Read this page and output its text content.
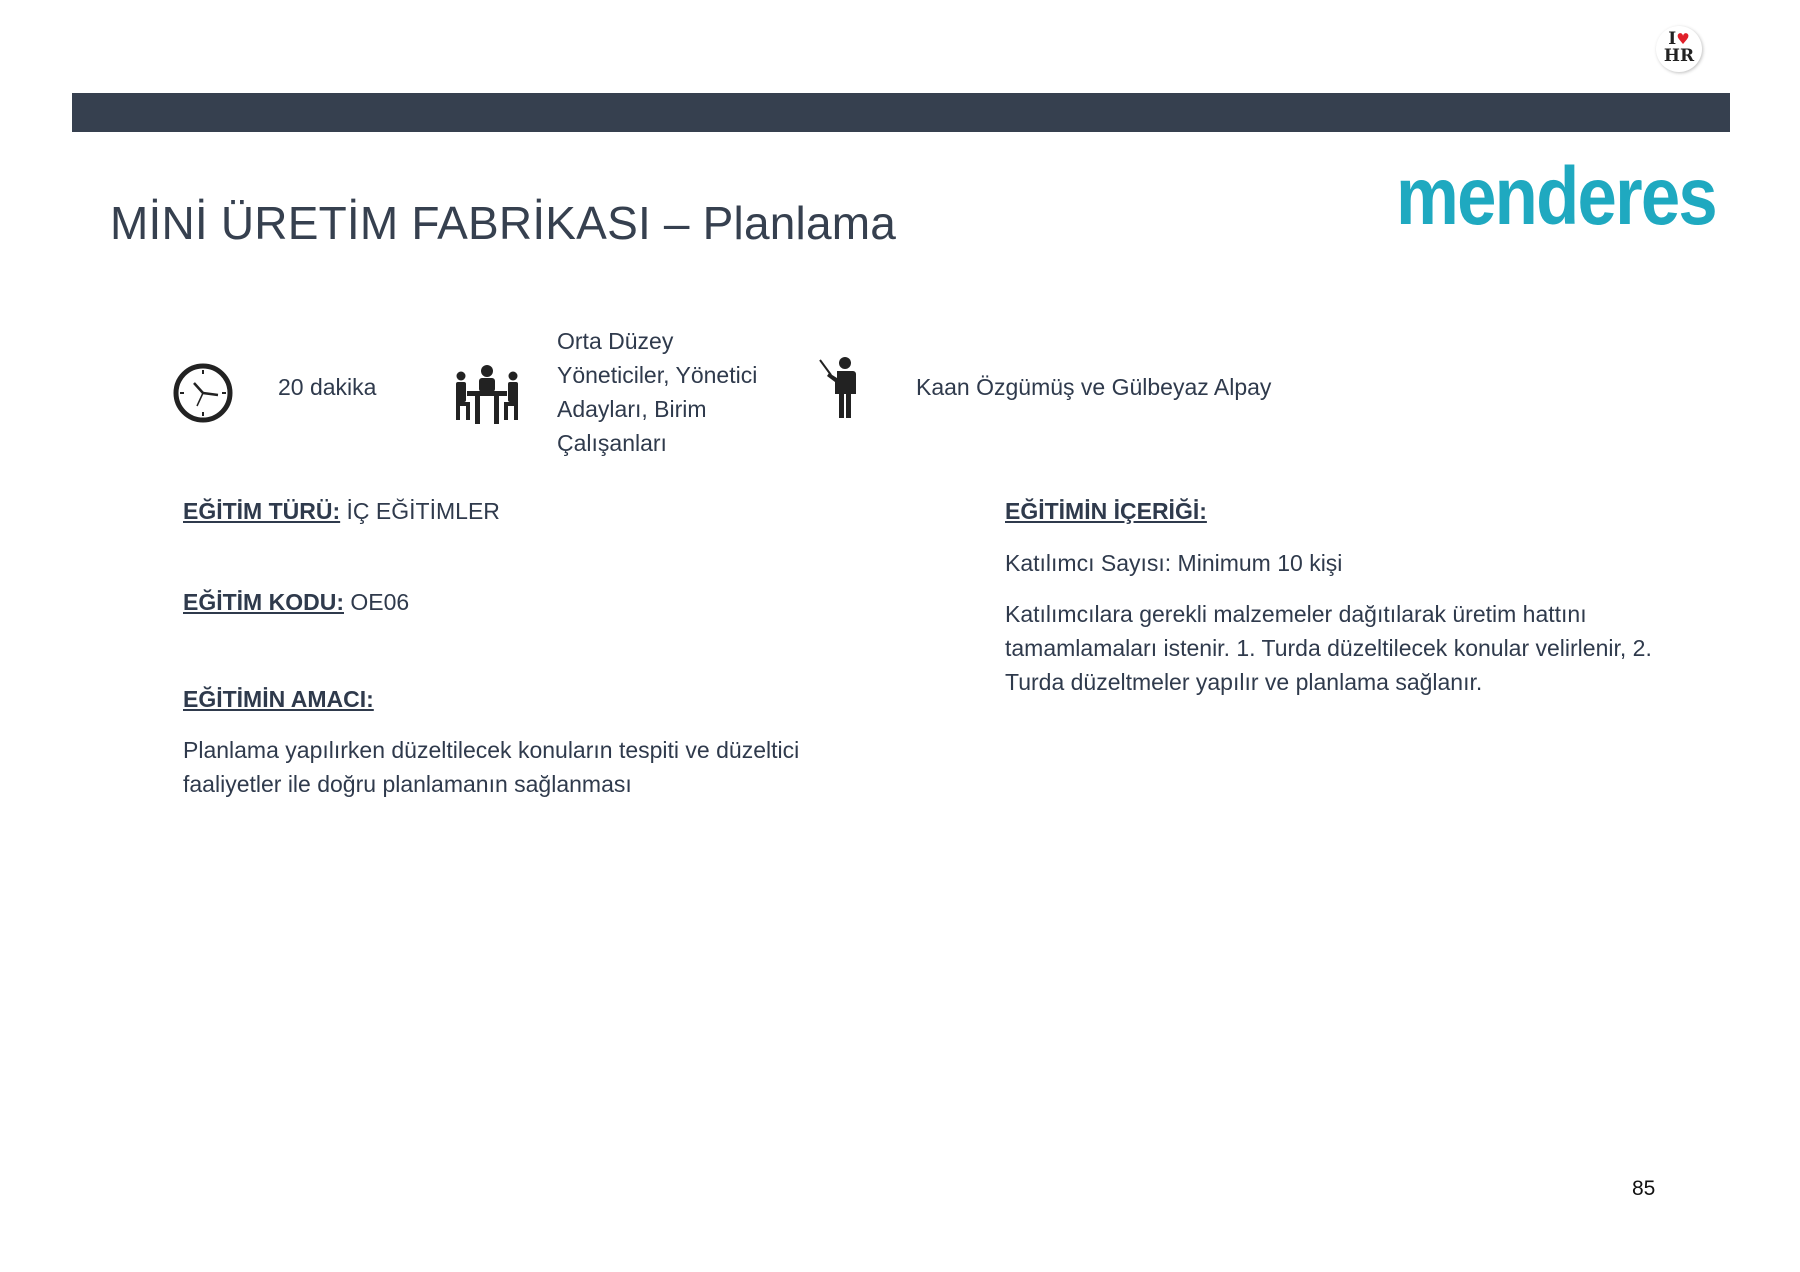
I♥
HR
menderes
MİNİ ÜRETİM FABRİKASI – Planlama
20 dakika
Orta Düzey
Yöneticiler, Yönetici
Adayları, Birim
Çalışanları
Kaan Özgümüş ve Gülbeyaz Alpay
EĞİTİM TÜRÜ: İÇ EĞİTİMLER
EĞİTİM KODU: OE06
EĞİTİMİN AMACI:
Planlama yapılırken düzeltilecek konuların tespiti ve düzeltici
faaliyetler ile doğru planlamanın sağlanması
EĞİTİMİN İÇERİĞİ:
Katılımcı Sayısı: Minimum 10 kişi
Katılımcılara gerekli malzemeler dağıtılarak üretim hattını
tamamlamaları istenir. 1. Turda düzeltilecek konular velirlenir, 2.
Turda düzeltmeler yapılır ve planlama sağlanır.
85
